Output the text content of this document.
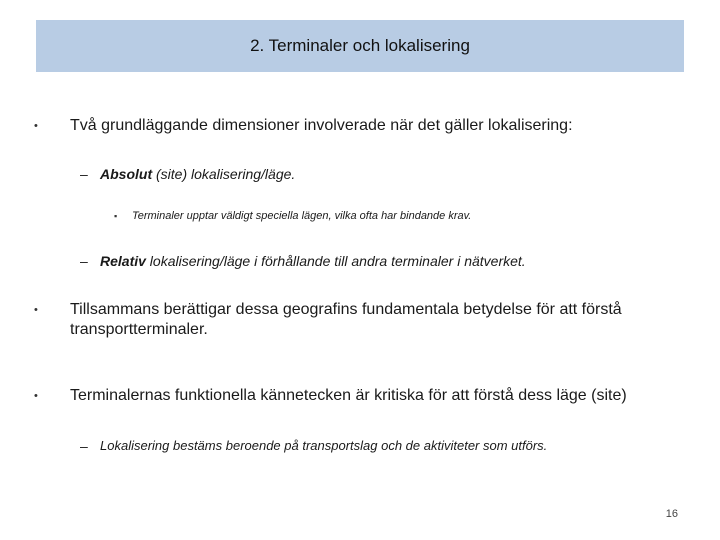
2. Terminaler och lokalisering
•	Två grundläggande dimensioner involverade när det gäller lokalisering:
– Absolut (site) lokalisering/läge.
▪	Terminaler upptar väldigt speciella lägen, vilka ofta har bindande krav.
– Relativ lokalisering/läge i förhållande till andra terminaler i nätverket.
•	Tillsammans berättigar dessa geografins fundamentala betydelse för att förstå transportterminaler.
•	Terminalernas funktionella kännetecken är kritiska för att förstå dess läge (site)
– Lokalisering bestäms beroende på transportslag och de aktiviteter som utförs.
16
